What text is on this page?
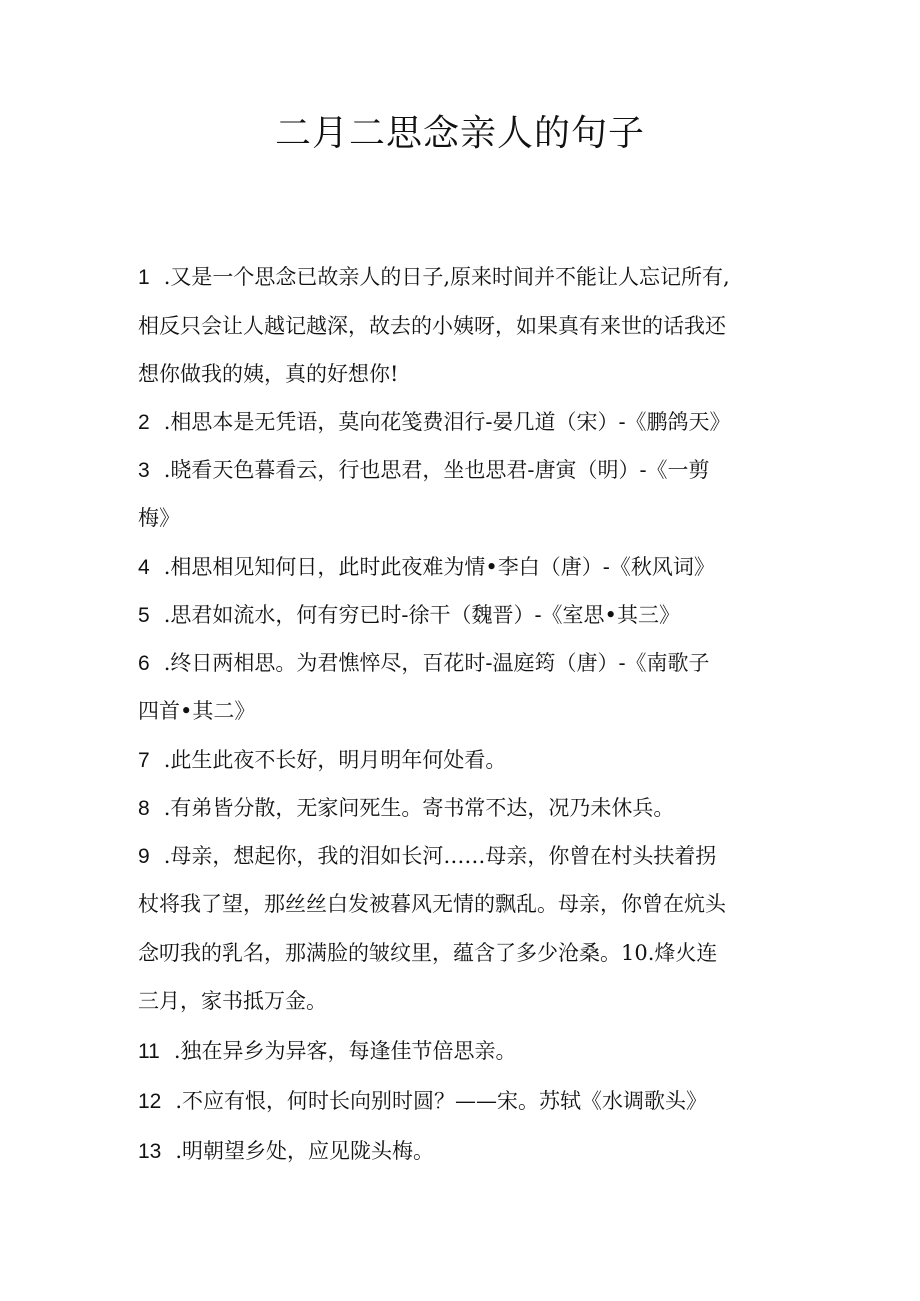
二月二思念亲人的句子

1 .又是一个思念已故亲人的日子,原来时间并不能让人忘记所有,

相反只会让人越记越深，故去的小姨呀，如果真有来世的话我还

想你做我的姨，真的好想你!

2 .相思本是无凭语，莫向花笺费泪行-晏几道（宋）-《鹏鸽天》

3 .晓看天色暮看云，行也思君，坐也思君-唐寅（明）-《一剪

梅》

4 .相思相见知何日，此时此夜难为情•李白（唐）-《秋风词》

5 .思君如流水，何有穷已时-徐干（魏晋）-《室思•其三》

6 .终日两相思。为君憔悴尽，百花时-温庭筠（唐）-《南歌子

四首•其二》

7 .此生此夜不长好，明月明年何处看。

8 .有弟皆分散，无家问死生。寄书常不达，况乃未休兵。

9 .母亲，想起你，我的泪如长河……母亲，你曾在村头扶着拐

杖将我了望，那丝丝白发被暮风无情的飘乱。母亲，你曾在炕头

念叨我的乳名，那满脸的皱纹里，蕴含了多少沧桑。10.烽火连

三月，家书抵万金。

11 .独在异乡为异客，每逢佳节倍思亲。

12 .不应有恨，何时长向别时圆？——宋。苏轼《水调歌头》

13 .明朝望乡处，应见陇头梅。
